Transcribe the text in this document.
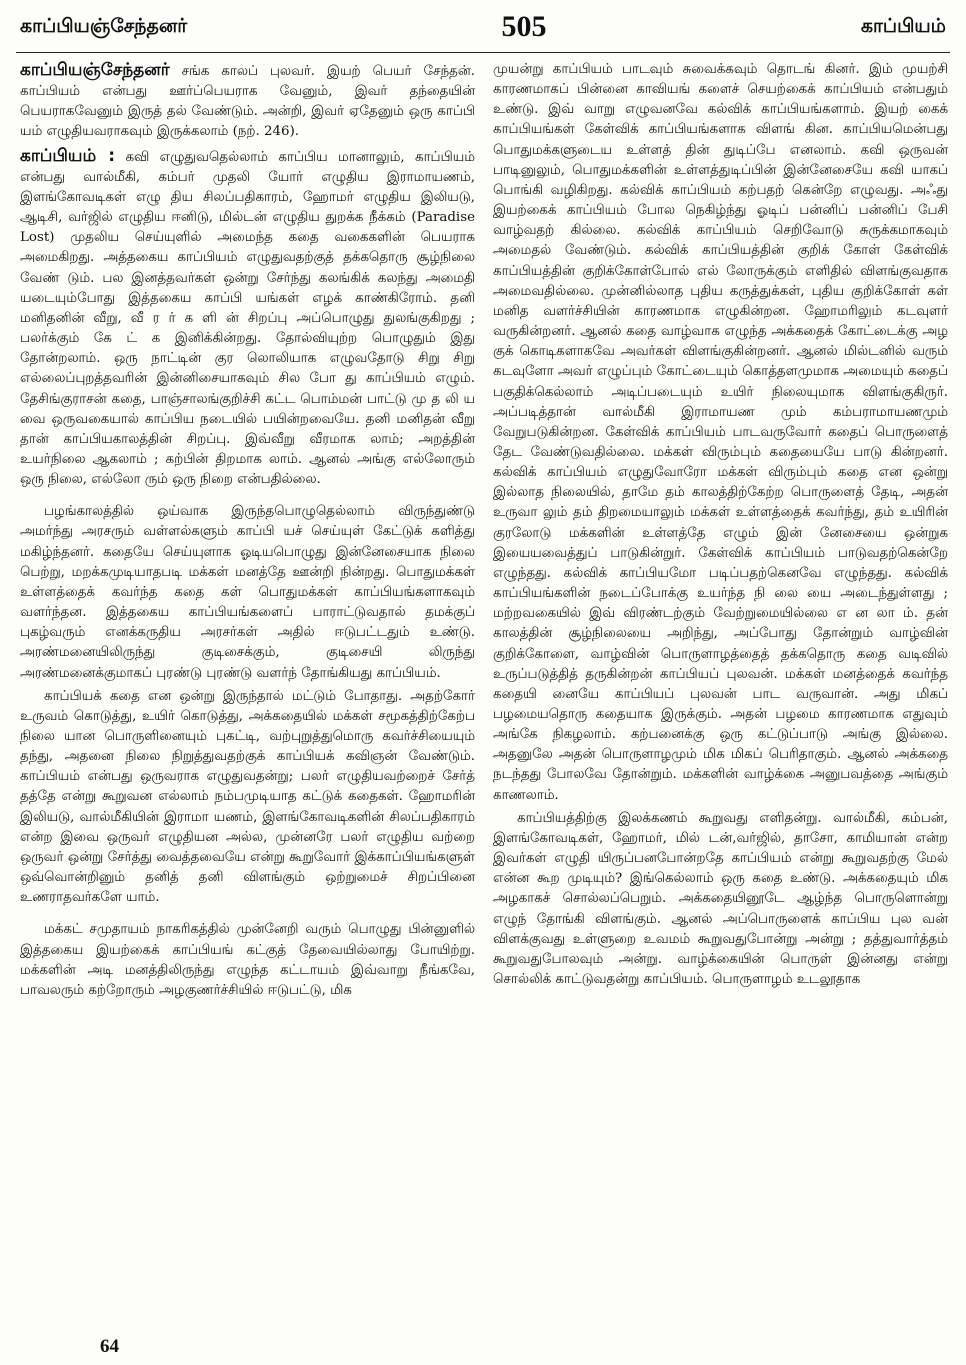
காப்பியஞ்சேந்தனர்	505	காப்பியம்

காப்பியஞ்சேந்தனர் சங்க காலப் புலவர். இயற் பெயர் சேந்தன். காப்பியம் என்பது ஊர்ப்பெயராக வேனும், இவர் தந்தையின் பெயராகவேனும் இருத் தல் வேண்டும். அன்றி, இவர் ஏதேனும் ஒரு காப்பி யம் எழுதியவராகவும் இருக்கலாம் (நற். 246).

காப்பியம் : கவி எழுதுவதெல்லாம் காப்பிய மானாலும், காப்பியம் என்பது வால்மீகி, கம்பர் முதலி யோர் எழுதிய இராமாயணம், இளங்கோவடிகள் எழு திய சிலப்பதிகாரம், ஹோமர் எழுதிய இலியடு, ஆடிசி, வர்ஜில் எழுதிய ஈனிடு, மில்டன் எழுதிய துறக்க நீக்கம் (Paradise Lost) முதலிய செய்யுளில் அமைந்த கதை வகைகளின் பெயராக அமைகிறது. அத்தகைய காப்பியம் எழுதுவதற்குத் தக்கதொரு சூழ்நிலை வேண் டும். பல இனத்தவர்கள் ஒன்று சேர்ந்து கலங்கிக் கலந்து அமைதி யடையும்போது இத்தகைய காப்பி யங்கள் எழக் காண்கிரோம். தனி மனிதனின் வீறு, வீ ர ர் க ளி ன் சிறப்பு அப்பொழுது துலங்குகிறது ; பலர்க்கும் கே ட் க இனிக்கின்றது. தோல்வியுற்ற பொழுதும் இது தோன்றலாம். ஒரு நாட்டின் குர லொலியாக எழுவதோடு சிறு சிறு எல்லைப்புறத்தவரின் இன்னிசையாகவும் சில போ து காப்பியம் எழும். தேசிங்குராசன் கதை, பாஞ்சாலங்குறிச்சி கட்ட பொம்மன் பாட்டு மு த லி ய வை ஒருவகையால் காப்பிய நடையில் பயின்றவையே. தனி மனிதன் வீறு தான் காப்பியகாலத்தின் சிறப்பு. இவ்வீறு வீரமாக லாம்; அறத்தின் உயர்நிலை ஆகலாம் ; கற்பின் திறமாக லாம். ஆனல் அங்கு எல்லோரும் ஒரு நிலை, எல்லோ ரும் ஒரு நிறை என்பதில்லை.

பழங்காலத்தில் ஒய்வாக இருந்தபொழுதெல்லாம் விருந்துண்டு அமர்ந்து அரசரும் வள்ளல்களும் காப்பி யச் செய்யுள் கேட்டுக் களித்து மகிழ்ந்தனர். கதையே செய்யுளாக ஓடியபொழுது இன்னேசையாக நிலை பெற்று, மறக்கமுடியாதபடி மக்கள் மனத்தே ஊன்றி நின்றது. பொதுமக்கள் உள்ளத்தைக் கவர்ந்த கதை கள் பொதுமக்கள் காப்பியங்களாகவும் வளர்ந்தன. இத்தகைய காப்பியங்களைப் பாராட்டுவதால் தமக்குப் புகழ்வரும் எனக்கருதிய அரசர்கள் அதில் ஈடுபட்டதும் உண்டு. அரண்மனையிலிருந்து குடிசைக்கும், குடிசையி லிருந்து அரண்மனைக்குமாகப் புரண்டு புரண்டு வளர்ந் தோங்கியது காப்பியம்.

காப்பியக் கதை என ஒன்று இருந்தால் மட்டும் போதாது. அதற்கோர் உருவம் கொடுத்து, உயிர் கொடுத்து, அக்கதையில் மக்கள் சமூகத்திற்கேற்ப நிலை யான பொருளினையும் புகட்டி, வற்புறுத்துமொரு கவர்ச்சியையும் தந்து, அதனை நிலை நிறுத்துவதற்குக் காப்பியக் கவிஞன் வேண்டும். காப்பியம் என்பது ஒருவராக எழுதுவதன்று; பலர் எழுதியவற்றைச் சேர்த் தத்தே என்று கூறுவன எல்லாம் நம்பமுடியாத கட்டுக் கதைகள். ஹோமரின் இலியடு, வால்மீகியின் இராமா யணம், இளங்கோவடிகளின் சிலப்பதிகாரம் என்ற இவை ஒருவர் எழுதியன அல்ல, முன்னரே பலர் எழுதிய வற்றை ஒருவர் ஒன்று சேர்த்து வைத்தவையே என்று கூறுவோர் இக்காப்பியங்களுள் ஒவ்வொன்றினும் தனித் தனி விளங்கும் ஒற்றுமைச் சிறப்பினை உணராதவர்களே யாம்.

மக்கட் சமுதாயம் நாகரிகத்தில் முன்னேறி வரும் பொழுது பின்னுளில் இத்தகைய இயற்கைக் காப்பியங் கட்குத் தேவையில்லாது போயிற்று. மக்களின் அடி மனத்திலிருந்து எழுந்த கட்டாயம் இவ்வாறு நீங்கவே, பாவலரும் கற்றோரும் அழகுணர்ச்சியில் ஈடுபட்டு, மிக

முயன்று காப்பியம் பாடவும் சுவைக்கவும் தொடங் கினர். இம் முயற்சி காரணமாகப் பின்னை காவியங் களைச் செயற்கைக் காப்பியம் என்பதும் உண்டு. இவ் வாறு எழுவனவே கல்விக் காப்பியங்களாம். இயற் கைக் காப்பியங்கள் கேள்விக் காப்பியங்களாக விளங் கின. காப்பியமென்பது பொதுமக்களுடைய உள்ளத் தின் துடிப்பே எனலாம். கவி ஒருவன் பாடினுலும், பொதுமக்களின் உள்ளத்துடிப்பின் இன்னேசையே கவி யாகப் பொங்கி வழிகிறது. கல்விக் காப்பியம் கற்பதற் கென்றே எழுவது. அஃது இயற்கைக் காப்பியம் போல நெகிழ்ந்து ஓடிப் பன்னிப் பன்னிப் பேசி வாழ்வதற் கில்லை. கல்விக் காப்பியம் செறிவோடு சுருக்கமாகவும் அமைதல் வேண்டும். கல்விக் காப்பியத்தின் குறிக் கோள் கேள்விக் காப்பியத்தின் குறிக்கோள்போல் எல் லோருக்கும் எளிதில் விளங்குவதாக அமைவதில்லை. முன்னில்லாத புதிய கருத்துக்கள், புதிய குறிக்கோள் கள் மனித வளர்ச்சியின் காரணமாக எழுகின்றன. ஹோமரிலும் கடவுளர் வருகின்றனர். ஆனல் கதை வாழ்வாக எழுந்த அக்கதைக் கோட்டைக்கு அழ குக் கொடிகளாகவே அவர்கள் விளங்குகின்றனர். ஆனல் மில்டனில் வரும் கடவுளோ அவர் எழுப்பும் கோட்டையும் கொத்தளமுமாக அமையும் கதைப் பகுதிக்கெல்லாம் அடிப்படையும் உயிர் நிலையுமாக விளங்குகிருர். அப்படித்தான் வால்மீகி இராமாயண மும் கம்பராமாயணமும் வேறுபடுகின்றன. கேள்விக் காப்பியம் பாடவருவோர் கதைப் பொருளைத் தேட வேண்டுவதில்லை. மக்கள் விரும்பும் கதையையே பாடு கின்றனர். கல்விக் காப்பியம் எழுதுவோரோ மக்கள் விரும்பும் கதை என ஒன்று இல்லாத நிலையில், தாமே தம் காலத்திற்கேற்ற பொருளைத் தேடி, அதன் உருவா லும் தம் திறமையாலும் மக்கள் உள்ளத்தைக் கவர்ந்து, தம் உயிரின் குரலோடு மக்களின் உள்ளத்தே எழும் இன் னேசையை ஒன்றுக இயையவைத்துப் பாடுகின்றுர். கேள்விக் காப்பியம் பாடுவதற்கென்றே எழுந்தது. கல்விக் காப்பியமோ படிப்பதற்கெனவே எழுந்தது. கல்விக் காப்பியங்களின் நடைப்போக்கு உயர்ந்த நி லை யை அடைந்துள்ளது ; மற்றவகையில் இவ் விரண்டற்கும் வேற்றுமையில்லை எ ன லா ம். தன் காலத்தின் சூழ்நிலையை அறிந்து, அப்போது தோன்றும் வாழ்வின் குறிக்கோளை, வாழ்வின் பொருளாழத்தைத் தக்கதொரு கதை வடிவில் உருப்படுத்தித் தருகின்றன் காப்பியப் புலவன். மக்கள் மனத்தைக் கவர்ந்த கதையி னையே காப்பியப் புலவன் பாட வருவான். அது மிகப் பழமையதொரு கதையாக இருக்கும். அதன் பழமை காரணமாக எதுவும் அங்கே நிகழலாம். கற்பனைக்கு ஒரு கட்டுப்பாடு அங்கு இல்லை. அதனுலே அதன் பொருளாழமும் மிக மிகப் பெரிதாகும். ஆனல் அக்கதை நடந்தது போலவே தோன்றும். மக்களின் வாழ்க்கை அனுபவத்தை அங்கும் காணலாம்.

காப்பியத்திற்கு இலக்கணம் கூறுவது எளிதன்று. வால்மீகி, கம்பன், இளங்கோவடிகள், ஹோமர், மில் டன்,வர்ஜில், தாசோ, காமியான் என்ற இவர்கள் எழுதி யிருப்பனபோன்றதே காப்பியம் என்று கூறுவதற்கு மேல் என்ன கூற முடியும்? இங்கெல்லாம் ஒரு கதை உண்டு. அக்கதையும் மிக அழகாகச் சொல்லப்பெறும். அக்கதையினூடே ஆழ்ந்த பொருளொன்று எழுந் தோங்கி விளங்கும். ஆனல் அப்பொருளைக் காப்பிய புல வன் விளக்குவது உள்ளுறை உவமம் கூறுவதுபோன்று அன்று ; தத்துவார்த்தம் கூறுவதுபோலவும் அன்று. வாழ்க்கையின் பொருள் இன்னது என்று சொல்லிக் காட்டுவதன்று காப்பியம். பொருளாழம் உடலூதாக

64
